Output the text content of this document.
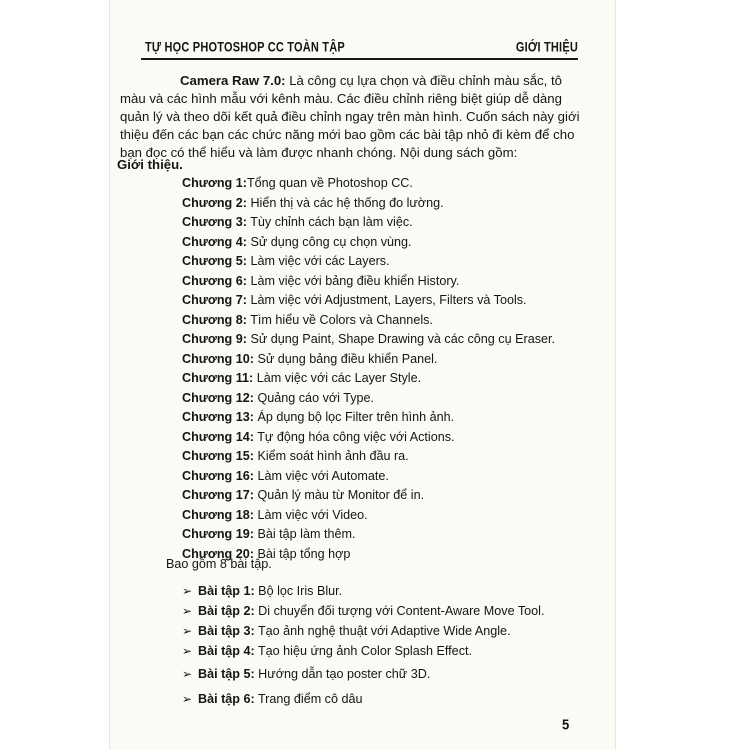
TỰ HỌC PHOTOSHOP CC TOÀN TẬP	GIỚI THIỆU

Camera Raw 7.0: Là công cụ lựa chọn và điều chỉnh màu sắc, tô màu và các hình mẫu với kênh màu. Các điều chỉnh riêng biệt giúp dễ dàng quản lý và theo dõi kết quả điều chỉnh ngay trên màn hình. Cuốn sách này giới thiệu đến các bạn các chức năng mới bao gồm các bài tập nhỏ đi kèm để cho bạn đọc có thể hiểu và làm được nhanh chóng. Nội dung sách gồm:

Giới thiệu.

Chương 1:Tổng quan về Photoshop CC.
Chương 2: Hiển thị và các hệ thống đo lường.
Chương 3: Tùy chỉnh cách bạn làm việc.
Chương 4: Sử dụng công cụ chọn vùng.
Chương 5: Làm việc với các Layers.
Chương 6: Làm việc với bảng điều khiển History.
Chương 7: Làm việc với Adjustment, Layers, Filters và Tools.
Chương 8: Tìm hiểu về Colors và Channels.
Chương 9: Sử dụng Paint, Shape Drawing và các công cụ Eraser.
Chương 10: Sử dụng bảng điều khiển Panel.
Chương 11: Làm việc với các Layer Style.
Chương 12: Quảng cáo với Type.
Chương 13: Áp dụng bộ lọc Filter trên hình ảnh.
Chương 14: Tự động hóa công việc với Actions.
Chương 15: Kiểm soát hình ảnh đầu ra.
Chương 16: Làm việc với Automate.
Chương 17: Quản lý màu từ Monitor để in.
Chương 18: Làm việc với Video.
Chương 19: Bài tập làm thêm.
Chương 20: Bài tập tổng hợp

Bao gồm 8 bài tập.

➢ Bài tập 1: Bộ lọc Iris Blur.
➢ Bài tập 2: Di chuyển đối tượng với Content-Aware Move Tool.
➢ Bài tập 3: Tạo ảnh nghệ thuật với Adaptive Wide Angle.
➢ Bài tập 4: Tạo hiệu ứng ảnh Color Splash Effect.
➢ Bài tập 5: Hướng dẫn tạo poster chữ 3D.
➢ Bài tập 6: Trang điểm cô dâu
5
